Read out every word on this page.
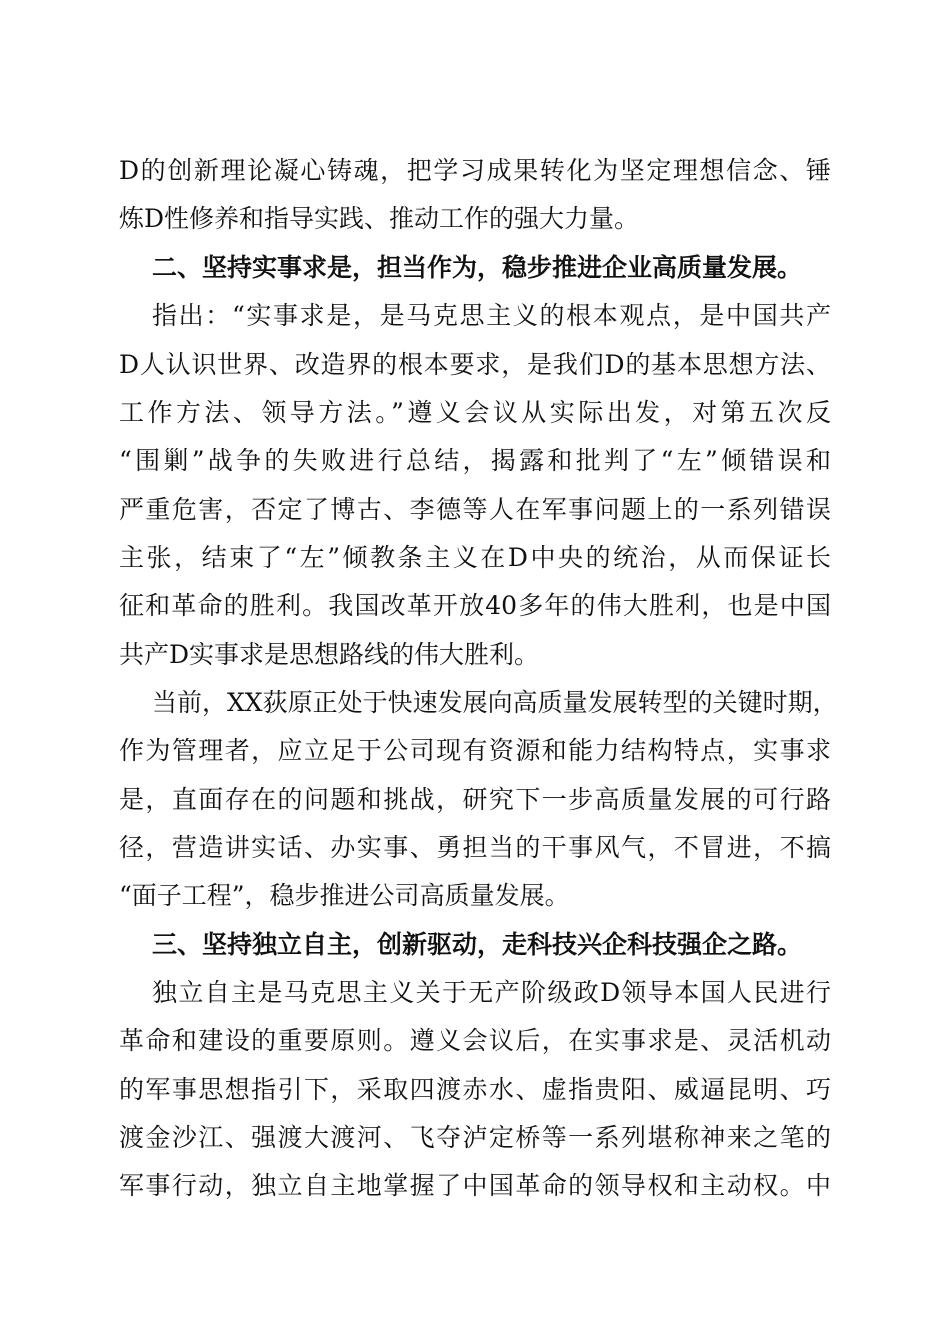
D的创新理论凝心铸魂，把学习成果转化为坚定理想信念、锤
炼D性修养和指导实践、推动工作的强大力量。
二、坚持实事求是，担当作为，稳步推进企业高质量发展。
指出：“实事求是，是马克思主义的根本观点，是中国共产
D人认识世界、改造界的根本要求，是我们D的基本思想方法、
工作方法、领导方法。”遵义会议从实际出发，对第五次反
“围剿”战争的失败进行总结，揭露和批判了“左”倾错误和
严重危害，否定了博古、李德等人在军事问题上的一系列错误
主张，结束了“左”倾教条主义在D中央的统治，从而保证长
征和革命的胜利。我国改革开放40多年的伟大胜利，也是中国
共产D实事求是思想路线的伟大胜利。
当前，XX荻原正处于快速发展向高质量发展转型的关键时期，
作为管理者，应立足于公司现有资源和能力结构特点，实事求
是，直面存在的问题和挑战，研究下一步高质量发展的可行路
径，营造讲实话、办实事、勇担当的干事风气，不冒进，不搞
“面子工程”，稳步推进公司高质量发展。
三、坚持独立自主，创新驱动，走科技兴企科技强企之路。
独立自主是马克思主义关于无产阶级政D领导本国人民进行
革命和建设的重要原则。遵义会议后，在实事求是、灵活机动
的军事思想指引下，采取四渡赤水、虚指贵阳、威逼昆明、巧
渡金沙江、强渡大渡河、飞夺泸定桥等一系列堪称神来之笔的
军事行动，独立自主地掌握了中国革命的领导权和主动权。中
